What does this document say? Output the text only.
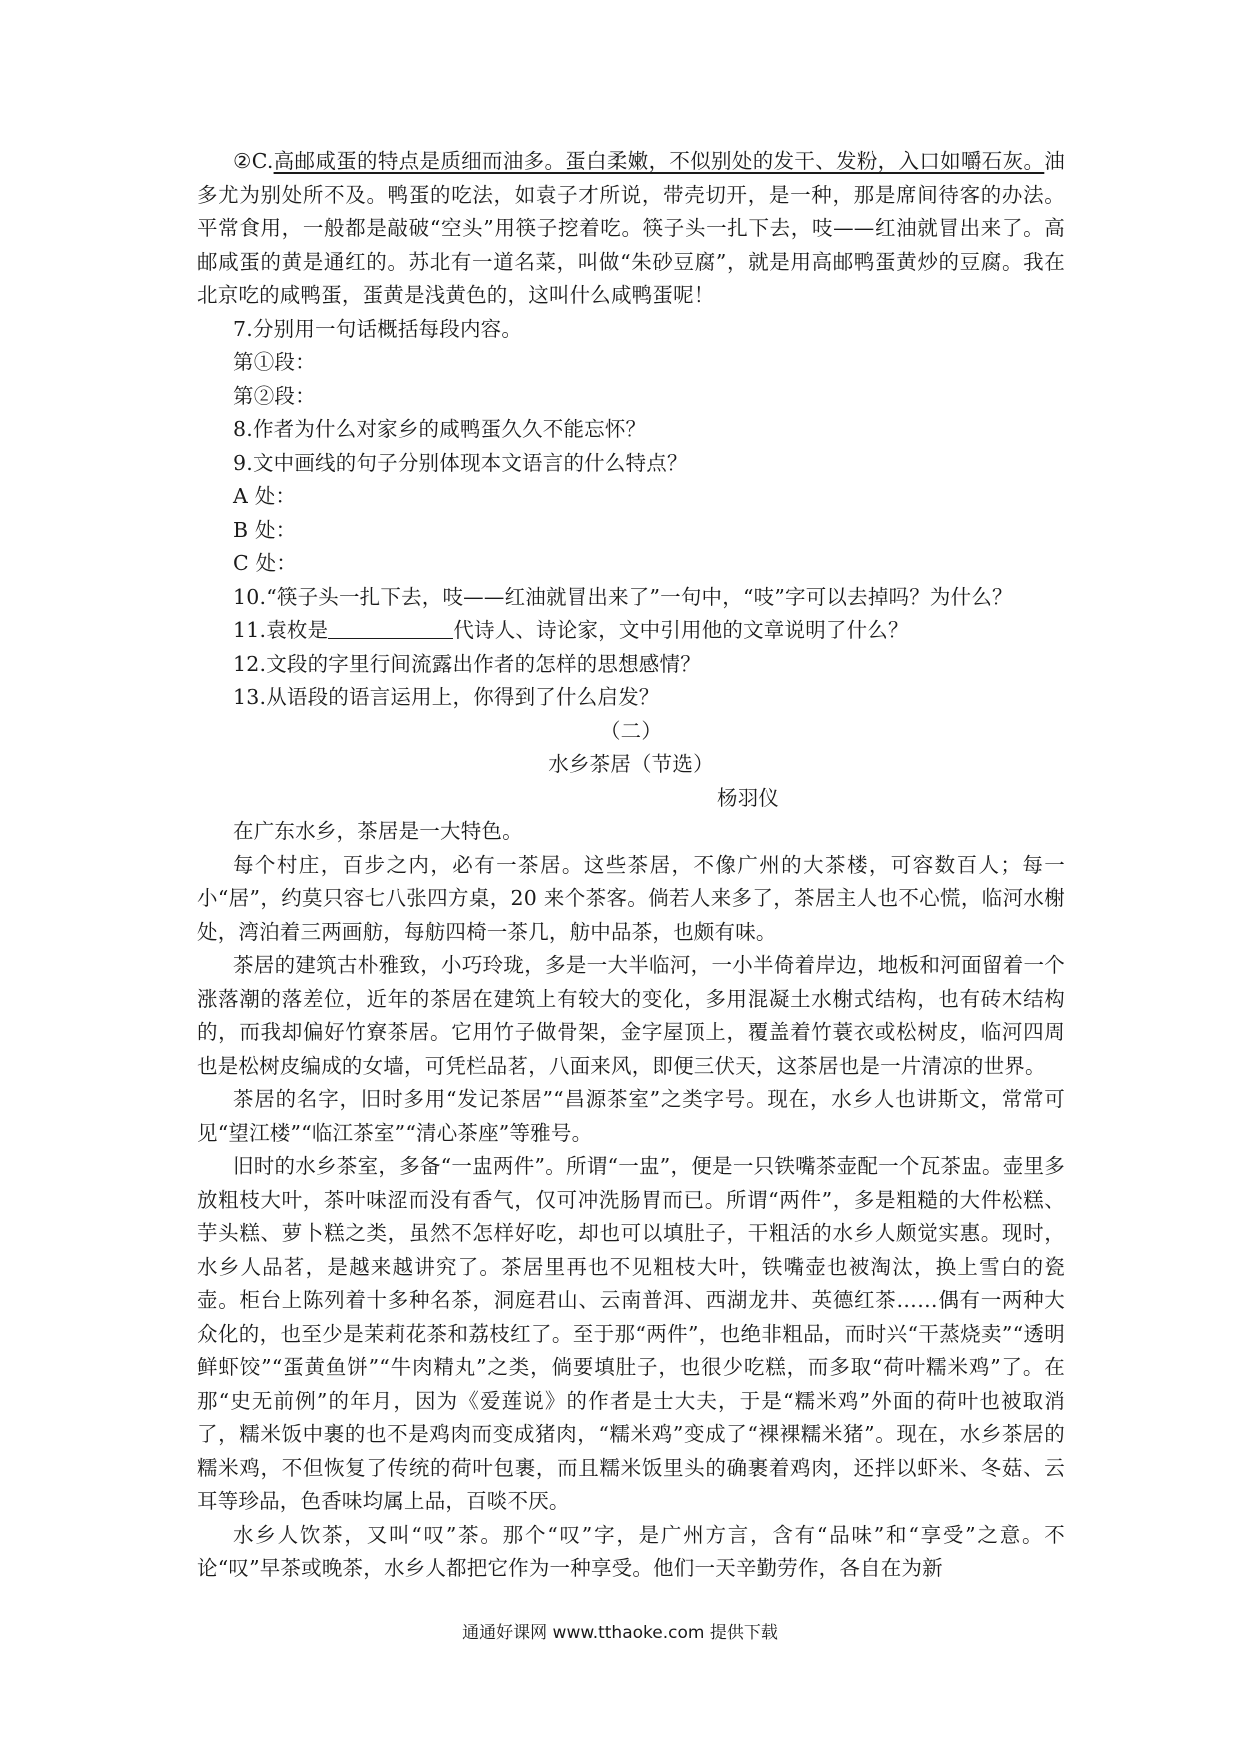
②C.高邮咸蛋的特点是质细而油多。蛋白柔嫩，不似别处的发干、发粉，入口如嚼石灰。油多尤为别处所不及。鸭蛋的吃法，如袁子才所说，带壳切开，是一种，那是席间待客的办法。平常食用，一般都是敲破“空头”用筷子挖着吃。筷子头一扎下去，吱——红油就冒出来了。高邮咸蛋的黄是通红的。苏北有一道名菜，叫做“朱砂豆腐”，就是用高邮鸭蛋黄炒的豆腐。我在北京吃的咸鸭蛋，蛋黄是浅黄色的，这叫什么咸鸭蛋呢！

7.分别用一句话概括每段内容。

第①段：

第②段：

8.作者为什么对家乡的咸鸭蛋久久不能忘怀？

9.文中画线的句子分别体现本文语言的什么特点？

A 处：

B 处：

C 处：

10.“筷子头一扎下去，吱——红油就冒出来了”一句中，“吱”字可以去掉吗？为什么？

11.袁枚是	代诗人、诗论家，文中引用他的文章说明了什么？

12.文段的字里行间流露出作者的怎样的思想感情？

13.从语段的语言运用上，你得到了什么启发？

（二）

水乡茶居（节选）

杨羽仪

在广东水乡，茶居是一大特色。

每个村庄，百步之内，必有一茶居。这些茶居，不像广州的大茶楼，可容数百人；每一小“居”，约莫只容七八张四方桌，20 来个茶客。倘若人来多了，茶居主人也不心慌，临河水榭处，湾泊着三两画舫，每舫四椅一茶几，舫中品茶，也颇有味。

茶居的建筑古朴雅致，小巧玲珑，多是一大半临河，一小半倚着岸边，地板和河面留着一个涨落潮的落差位，近年的茶居在建筑上有较大的变化，多用混凝土水榭式结构，也有砖木结构的，而我却偏好竹寮茶居。它用竹子做骨架，金字屋顶上，覆盖着竹蓑衣或松树皮，临河四周也是松树皮编成的女墙，可凭栏品茗，八面来风，即便三伏天，这茶居也是一片清凉的世界。

茶居的名字，旧时多用“发记茶居”“昌源茶室”之类字号。现在，水乡人也讲斯文，常常可见“望江楼”“临江茶室”“清心茶座”等雅号。

旧时的水乡茶室，多备“一盅两件”。所谓“一盅”，便是一只铁嘴茶壶配一个瓦茶盅。壶里多放粗枝大叶，茶叶味涩而没有香气，仅可冲洗肠胃而已。所谓“两件”，多是粗糙的大件松糕、芋头糕、萝卜糕之类，虽然不怎样好吃，却也可以填肚子，干粗活的水乡人颇觉实惠。现时，水乡人品茗，是越来越讲究了。茶居里再也不见粗枝大叶，铁嘴壶也被淘汰，换上雪白的瓷壶。柜台上陈列着十多种名茶，洞庭君山、云南普洱、西湖龙井、英德红茶……偶有一两种大众化的，也至少是茉莉花茶和荔枝红了。至于那“两件”，也绝非粗品，而时兴“干蒸烧卖”“透明鲜虾饺”“蛋黄鱼饼”“牛肉精丸”之类，倘要填肚子，也很少吃糕，而多取“荷叶糯米鸡”了。在那“史无前例”的年月，因为《爱莲说》的作者是士大夫，于是“糯米鸡”外面的荷叶也被取消了，糯米饭中裹的也不是鸡肉而变成猪肉，“糯米鸡”变成了“裸裸糯米猪”。现在，水乡茶居的糯米鸡，不但恢复了传统的荷叶包裹，而且糯米饭里头的确裹着鸡肉，还拌以虾米、冬菇、云耳等珍品，色香味均属上品，百啖不厌。

水乡人饮茶，又叫“叹”茶。那个“叹”字，是广州方言，含有“品味”和“享受”之意。不论“叹”早茶或晚茶，水乡人都把它作为一种享受。他们一天辛勤劳作，各自在为新

通通好课网 www.tthaoke.com 提供下载
